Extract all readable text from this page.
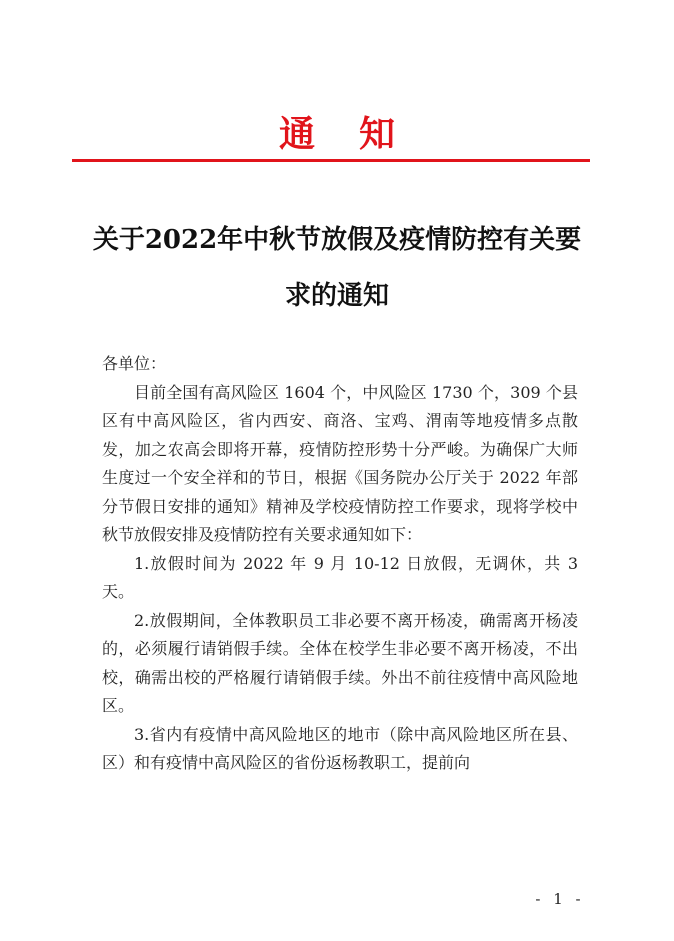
通知
关于2022年中秋节放假及疫情防控有关要求的通知

各单位：

目前全国有高风险区 1604 个，中风险区 1730 个，309 个县区有中高风险区，省内西安、商洛、宝鸡、渭南等地疫情多点散发，加之农高会即将开幕，疫情防控形势十分严峻。为确保广大师生度过一个安全祥和的节日，根据《国务院办公厅关于 2022 年部分节假日安排的通知》精神及学校疫情防控工作要求，现将学校中秋节放假安排及疫情防控有关要求通知如下：

1.放假时间为 2022 年 9 月 10-12 日放假，无调休，共 3 天。

2.放假期间，全体教职员工非必要不离开杨凌，确需离开杨凌的，必须履行请销假手续。全体在校学生非必要不离开杨凌，不出校，确需出校的严格履行请销假手续。外出不前往疫情中高风险地区。

3.省内有疫情中高风险地区的地市（除中高风险地区所在县、区）和有疫情中高风险区的省份返杨教职工，提前向

- 1 -
